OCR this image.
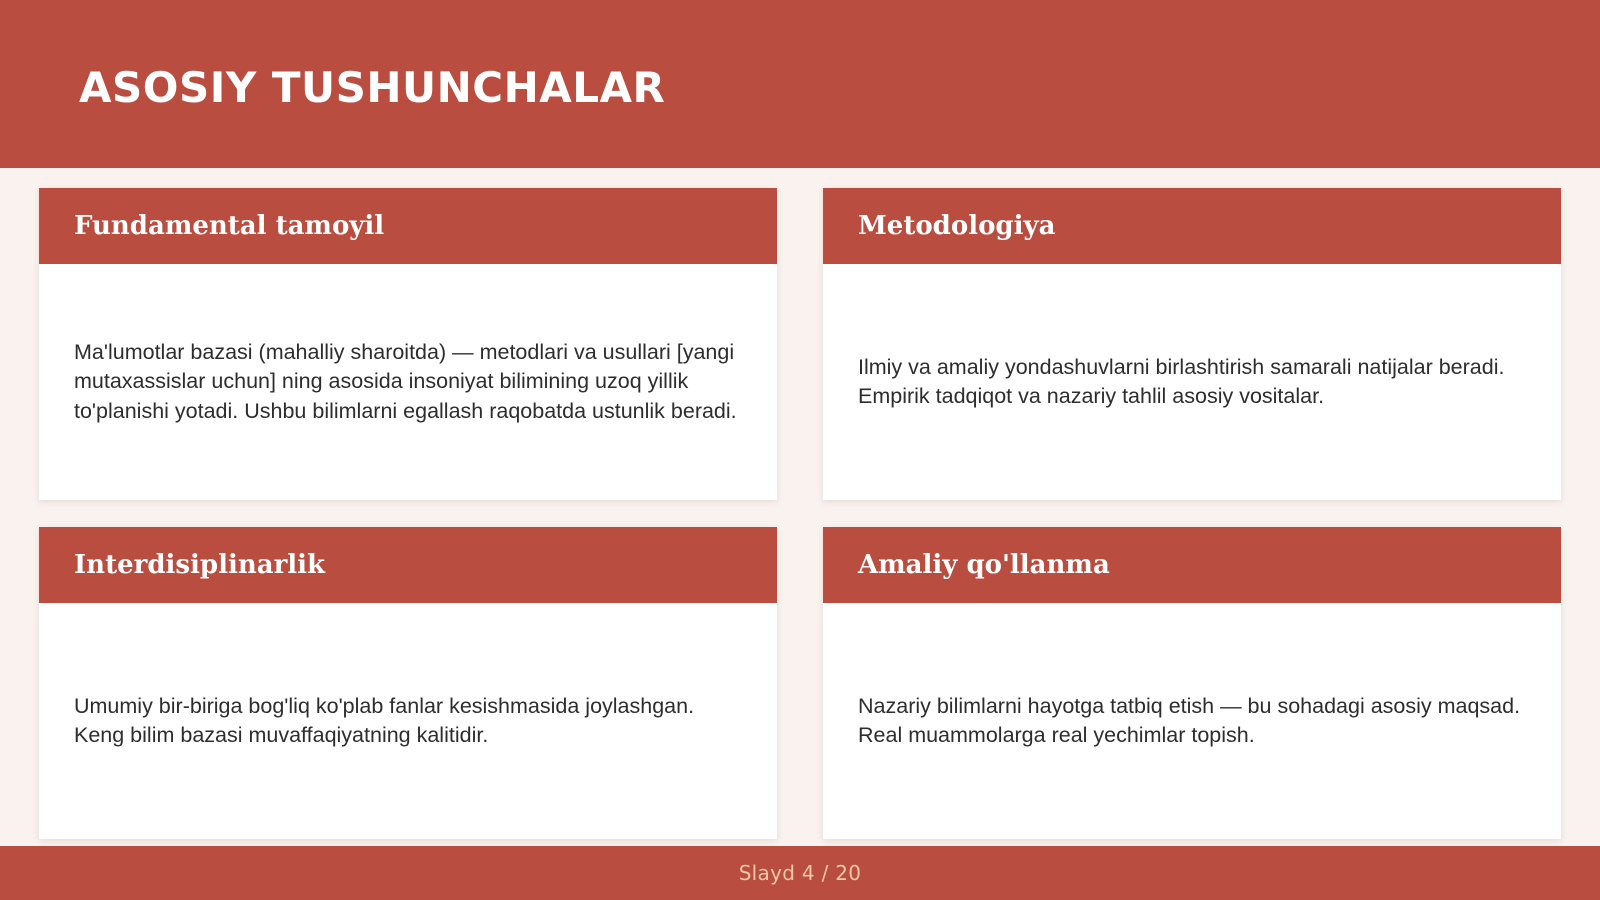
ASOSIY TUSHUNCHALAR
Fundamental tamoyil

Ma'lumotlar bazasi (mahalliy sharoitda) — metodlari va usullari [yangi mutaxassislar uchun] ning asosida insoniyat bilimining uzoq yillik to'planishi yotadi. Ushbu bilimlarni egallash raqobatda ustunlik beradi.

Metodologiya

Ilmiy va amaliy yondashuvlarni birlashtirish samarali natijalar beradi. Empirik tadqiqot va nazariy tahlil asosiy vositalar.

Interdisiplinarlik

Umumiy bir-biriga bog'liq ko'plab fanlar kesishmasida joylashgan. Keng bilim bazasi muvaffaqiyatning kalitidir.

Amaliy qo'llanma

Nazariy bilimlarni hayotga tatbiq etish — bu sohadagi asosiy maqsad. Real muammolarga real yechimlar topish.

Slayd 4 / 20
